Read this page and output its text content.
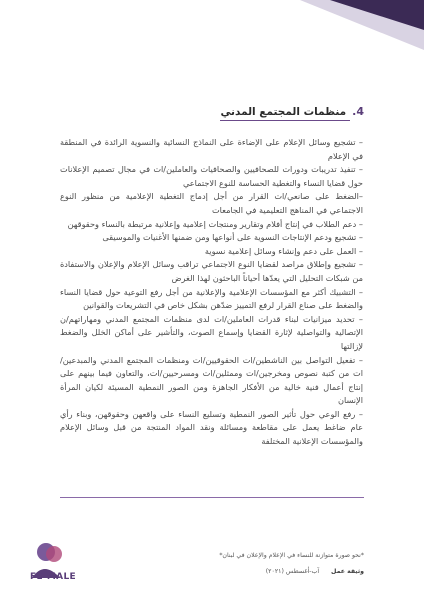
4.
منظمات المجتمع المدني

– تشجيع وسائل الإعلام على الإضاءة على النماذج النسائية والنسوية الرائدة في المنطقة في الإعلام

– تنفيذ تدريبات ودورات للصحافيين والصحافيات والعاملين/ات في مجال تصميم الإعلانات حول قضايا النساء والتغطية الحساسة للنوع الاجتماعي

–الضغط على صانعي/ات القرار من أجل إدماج التغطية الإعلامية من منظور النوع الاجتماعي في المناهج التعليمية في الجامعات

– دعم الطلاب في إنتاج أفلام وتقارير ومنتجات إعلامية وإعلانية مرتبطة بالنساء وحقوقهن

– تشجيع ودعم الإنتاجات النسوية على أنواعها ومن ضمنها الأغنيات والموسيقى

– العمل على دعم وإنشاء وسائل إعلامية نسوية

– تشجيع وإطلاق مراصد لقضايا النوع الاجتماعي تراقب وسائل الإعلام والإعلان والاستفادة من شبكات التحليل التي يعدّها أحياناً الباحثون لهذا الغرض

– التشبيك أكثر مع المؤسسات الإعلامية والإعلانية من أجل رفع التوعية حول قضايا النساء والضغط على صناع القرار لرفع التمييز ضدّهن بشكل خاص في التشريعات والقوانين

– تحديد ميزانيات لبناء قدرات العاملين/ات لدى منظمات المجتمع المدني ومهاراتهم/ن الإتصالية والتواصلية لإثارة القضايا وإسماع الصوت، والتأشير على أماكن الخلل والضغط لإزالتها

– تفعيل التواصل بين الناشطين/ات الحقوقيين/ات ومنظمات المجتمع المدني والمبدعين/ات من كتبة نصوص ومخرجين/ات وممثلين/ات ومسرحيين/ات، والتعاون فيما بينهم على إنتاج أعمال فنية خالية من الأفكار الجاهزة ومن الصور النمطية المسيئة لكيان المرأة الإنسان

– رفع الوعي حول تأثير الصور النمطية وتسليع النساء على واقعهن وحقوقهن، وبناء رأي عام ضاغط يعمل على مقاطعة ومسائلة ونقد المواد المنتجة من قبل وسائل الإعلام والمؤسسات الإعلانية المختلفة

*نحو صورة متوازنة للنساء في الإعلام والإعلان في لبنان*
وثيقة عمل آب-أغسطس (٢٠٢١)
FE-MALE
